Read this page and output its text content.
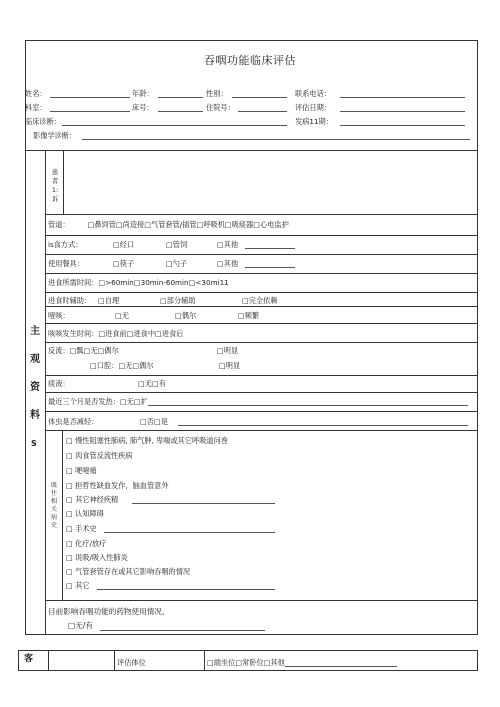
吞咽功能临床评估
姓名：	年龄：	性别：	联系电话：
科室：	床号：	住院号：	评估日期：
临床诊断：	发病11期：
影像学诊断：
主
观
资
料
S
患者1:诉
管道：　　　□鼻饲管□尚造接□气管套管/插管□呼吸机□吸痰器□心电监护
is食方式：	□经口	□管饲	□其他
使用餐具：	□筷子	□勺子	□其他
进食所需时间：□>60min□30min-60min□<30mi11
进食时辅助： □自理	□部分辅助	□完全依赖
噎咳：	□无	□偶尔	□频繁
咳咳发生时间：□进食前□进食中□进食后
反流：□瓢□无□偶尔	□明显
□口腔：□无□偶尔	□明显
痰液：	□无□有
最近三个月是否发热：□无□扩
体虫是否减轻：	□否□是
既往相关病史
□ 慢性阻塞性肺病, 肺气肿, 卑喘或其它呼吸道问巻
□ 肉食管反流性疾病
□ 哽噎痛
□ 担哲性缺血发作，脑血管意外
□ 其它神经疾精
□ 认知障碍
□ 手术史
□ 化疗/放疗
□ 说吸/吸入性肺炎
□ 气管套管存在或其它影响吞咽的情况
□ 其它
目前影响吞咽功能的药物使用情况，
□无/有
客	评估体位	□端坐位□常卧位□其他
